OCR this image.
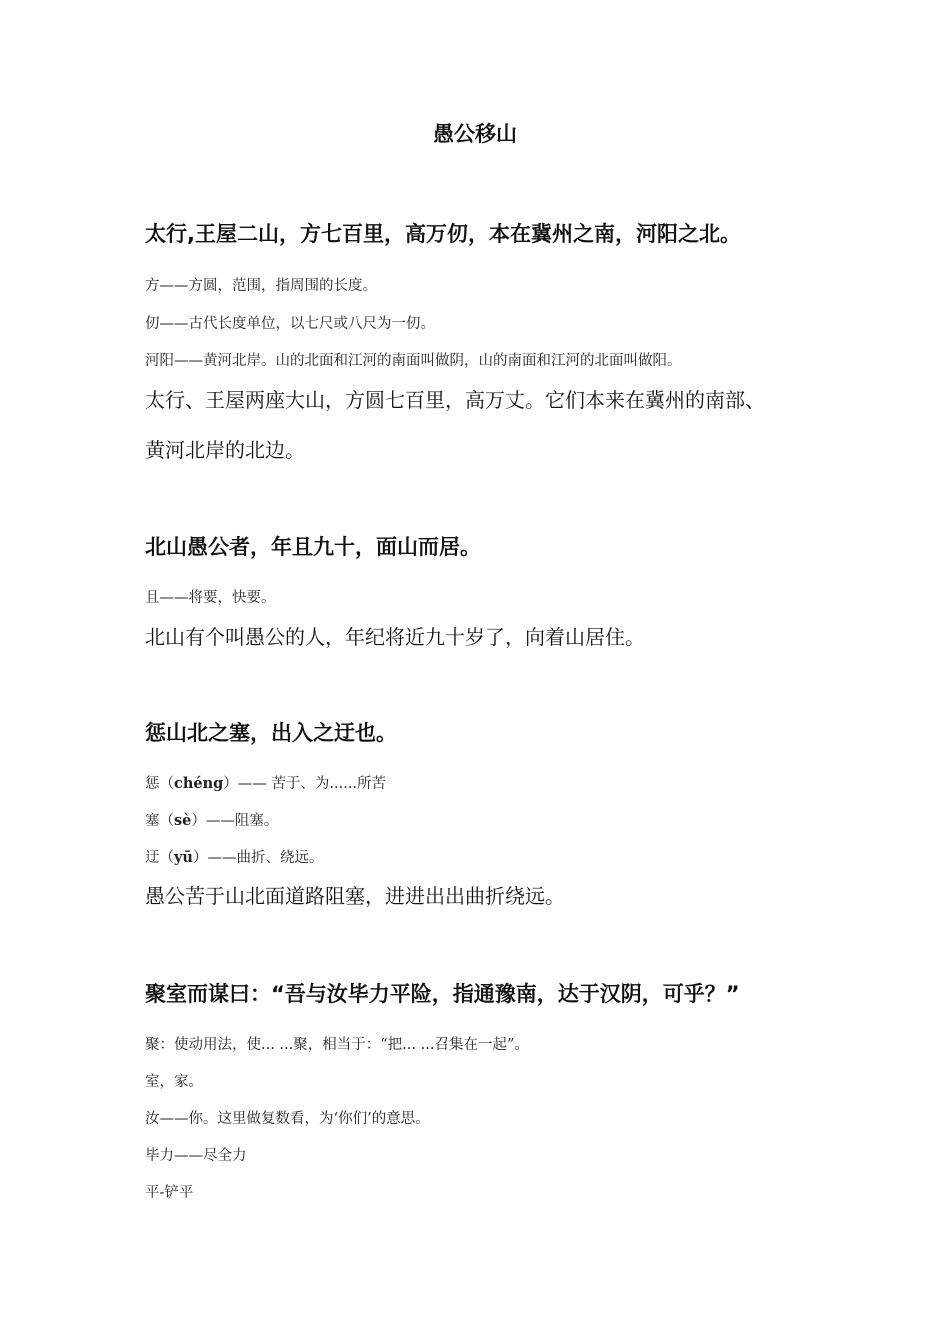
愚公移山
太行,王屋二山，方七百里，高万仞，本在冀州之南，河阳之北。
方——方圆，范围，指周围的长度。
仞——古代长度单位，以七尺或八尺为一仞。
河阳——黄河北岸。山的北面和江河的南面叫做阴，山的南面和江河的北面叫做阳。
太行、王屋两座大山，方圆七百里，高万丈。它们本来在冀州的南部、
黄河北岸的北边。
北山愚公者，年且九十，面山而居。
且——将要，快要。
北山有个叫愚公的人，年纪将近九十岁了，向着山居住。
惩山北之塞，出入之迂也。
惩（chéng）—— 苦于、为......所苦
塞（sè）——阻塞。
迂（yū）——曲折、绕远。
愚公苦于山北面道路阻塞，进进出出曲折绕远。
聚室而谋曰：“吾与汝毕力平险，指通豫南，达于汉阴，可乎？”
聚：使动用法，使... ...聚，相当于：“把... ...召集在一起”。
室，家。
汝——你。这里做复数看，为‘你们’的意思。
毕力——尽全力
平-铲平
